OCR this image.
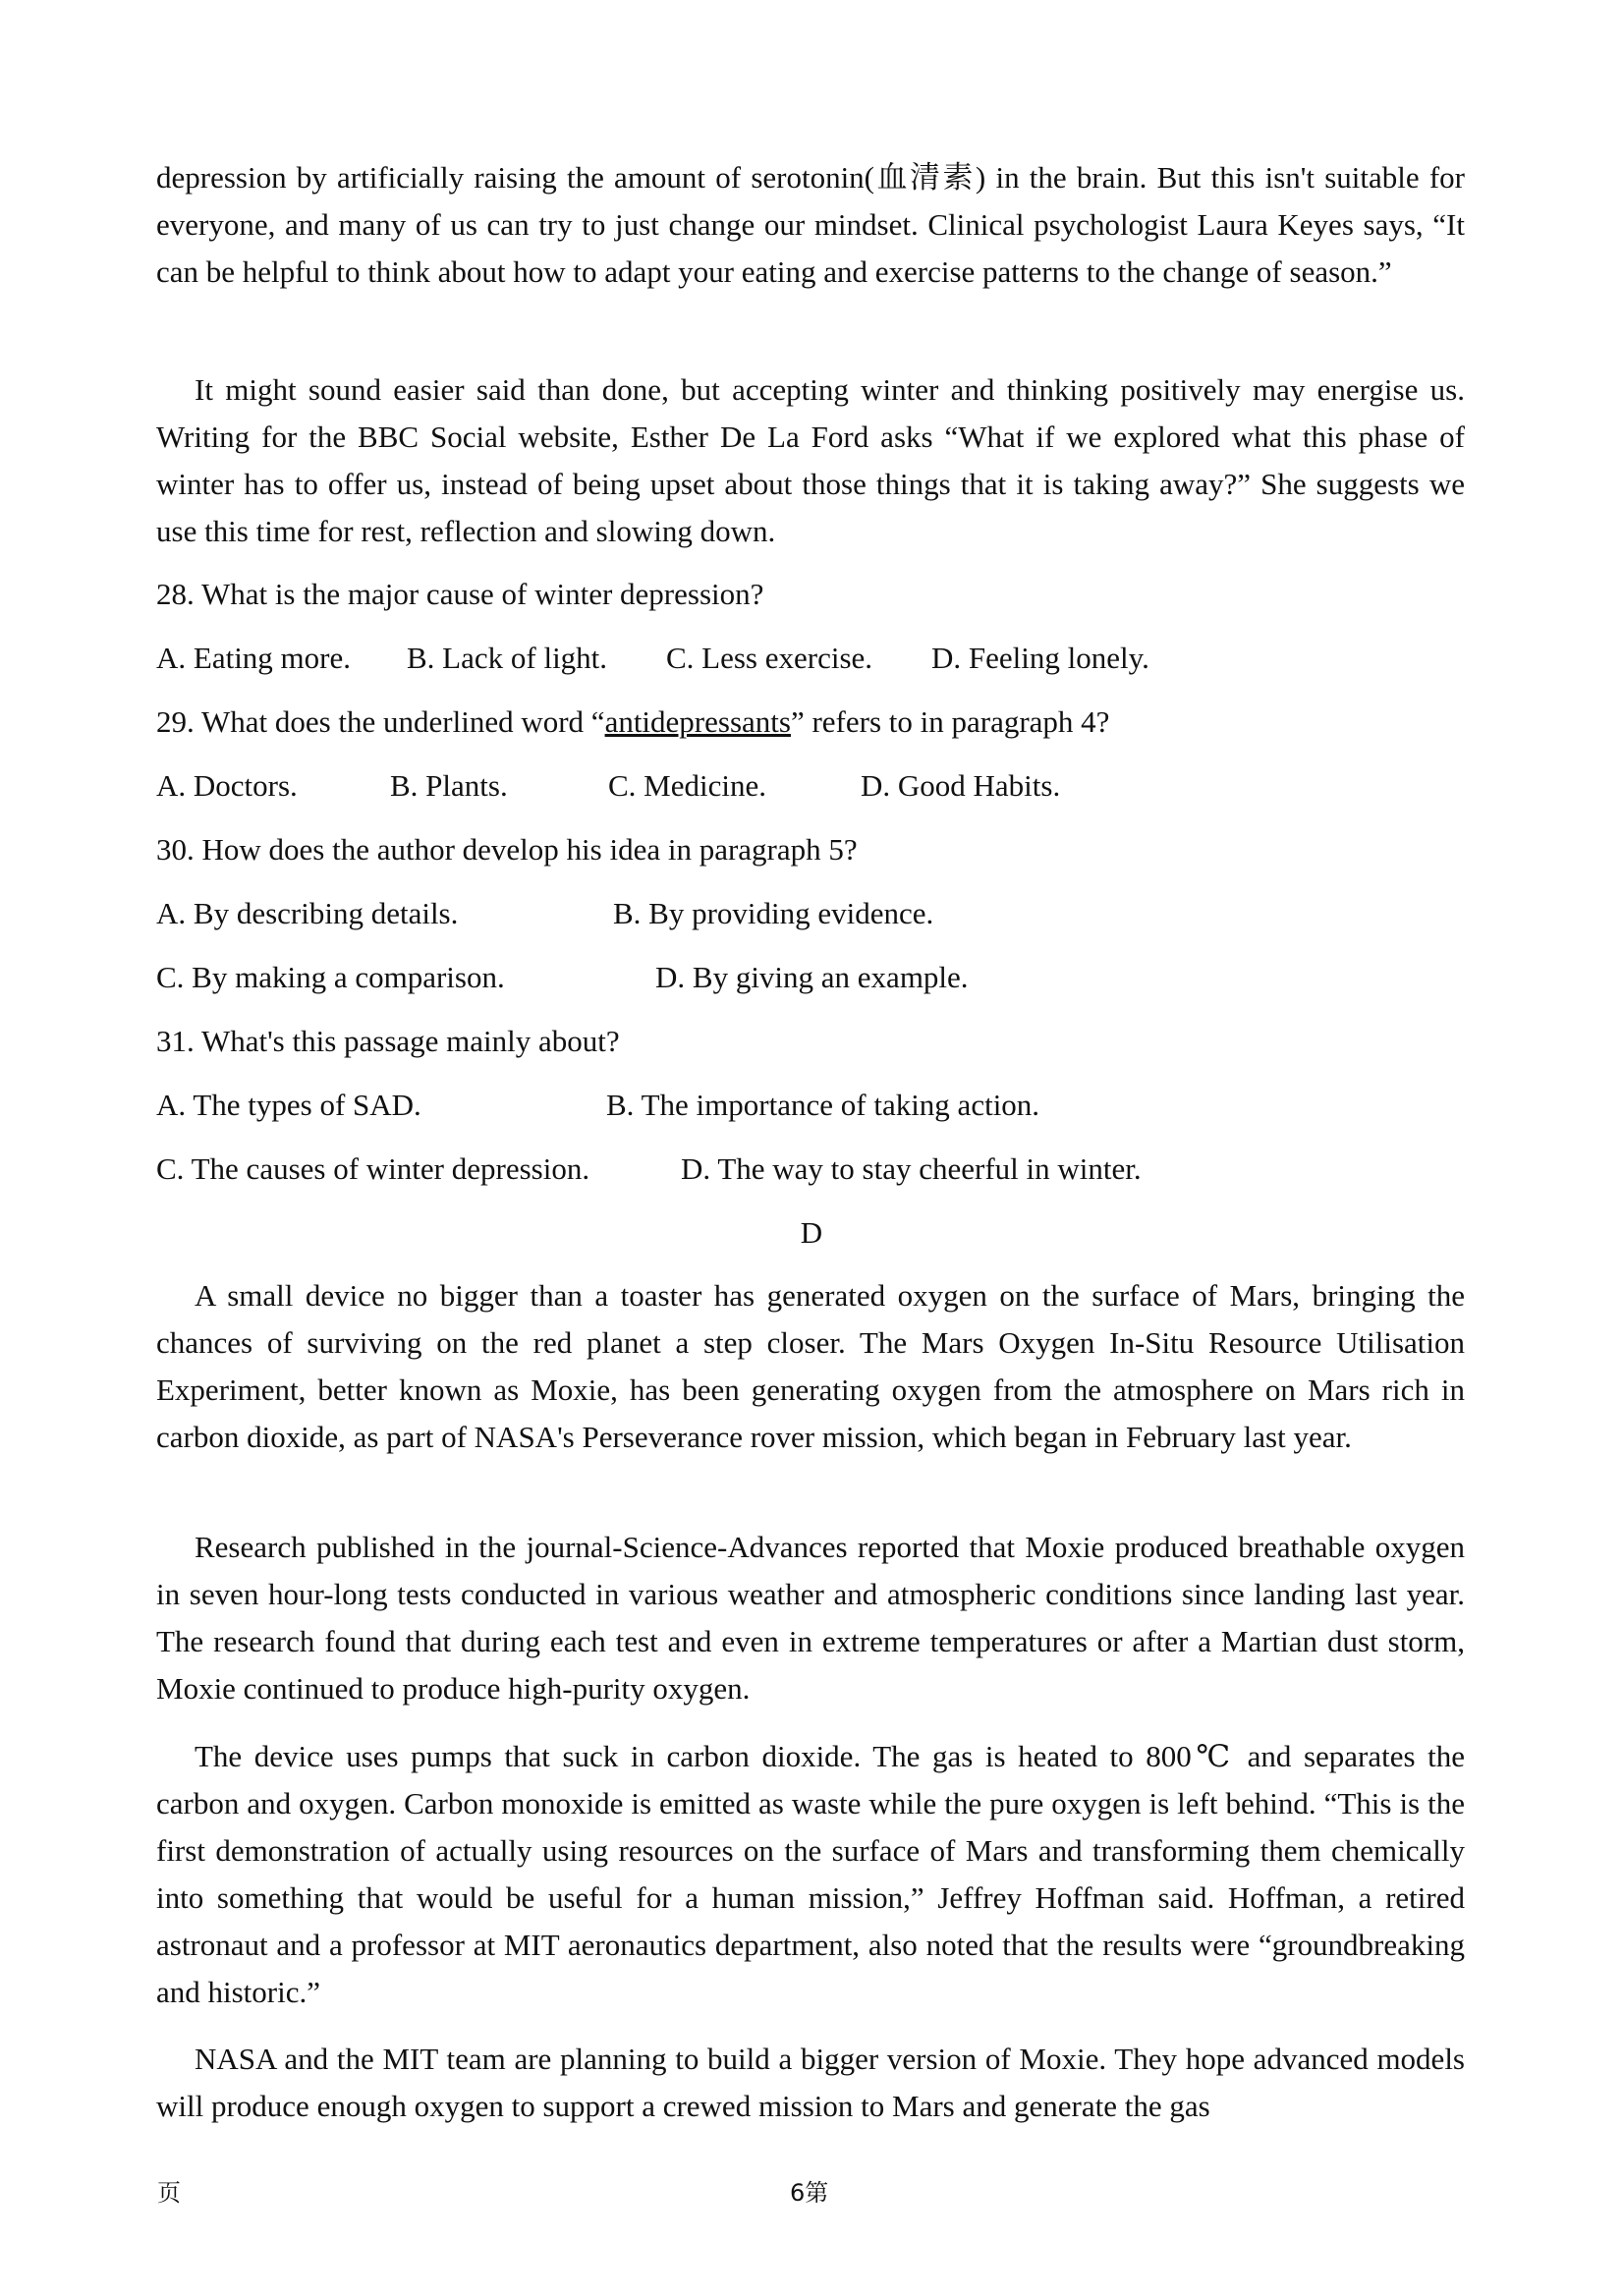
depression by artificially raising the amount of serotonin(血清素) in the brain. But this isn't suitable for everyone, and many of us can try to just change our mindset. Clinical psychologist Laura Keyes says, “It can be helpful to think about how to adapt your eating and exercise patterns to the change of season.”

It might sound easier said than done, but accepting winter and thinking positively may energise us. Writing for the BBC Social website, Esther De La Ford asks “What if we explored what this phase of winter has to offer us, instead of being upset about those things that it is taking away?” She suggests we use this time for rest, reflection and slowing down.

28. What is the major cause of winter depression?
A. Eating more. B. Lack of light. C. Less exercise. D. Feeling lonely.
29. What does the underlined word “antidepressants” refers to in paragraph 4?
A. Doctors.	B. Plants.	C. Medicine.	D. Good Habits.
30. How does the author develop his idea in paragraph 5?
A. By describing details.	B. By providing evidence.
C. By making a comparison.	D. By giving an example.
31. What's this passage mainly about?
A. The types of SAD.	B. The importance of taking action.
C. The causes of winter depression.	D. The way to stay cheerful in winter.
D

A small device no bigger than a toaster has generated oxygen on the surface of Mars, bringing the chances of surviving on the red planet a step closer. The Mars Oxygen In-Situ Resource Utilisation Experiment, better known as Moxie, has been generating oxygen from the atmosphere on Mars rich in carbon dioxide, as part of NASA's Perseverance rover mission, which began in February last year.

Research published in the journal-Science-Advances reported that Moxie produced breathable oxygen in seven hour-long tests conducted in various weather and atmospheric conditions since landing last year. The research found that during each test and even in extreme temperatures or after a Martian dust storm, Moxie continued to produce high-purity oxygen.

The device uses pumps that suck in carbon dioxide. The gas is heated to 800℃ and separates the carbon and oxygen. Carbon monoxide is emitted as waste while the pure oxygen is left behind. “This is the first demonstration of actually using resources on the surface of Mars and transforming them chemically into something that would be useful for a human mission,” Jeffrey Hoffman said. Hoffman, a retired astronaut and a professor at MIT aeronautics department, also noted that the results were “groundbreaking and historic.”

NASA and the MIT team are planning to build a bigger version of Moxie. They hope advanced models will produce enough oxygen to support a crewed mission to Mars and generate the gas

页	6第
